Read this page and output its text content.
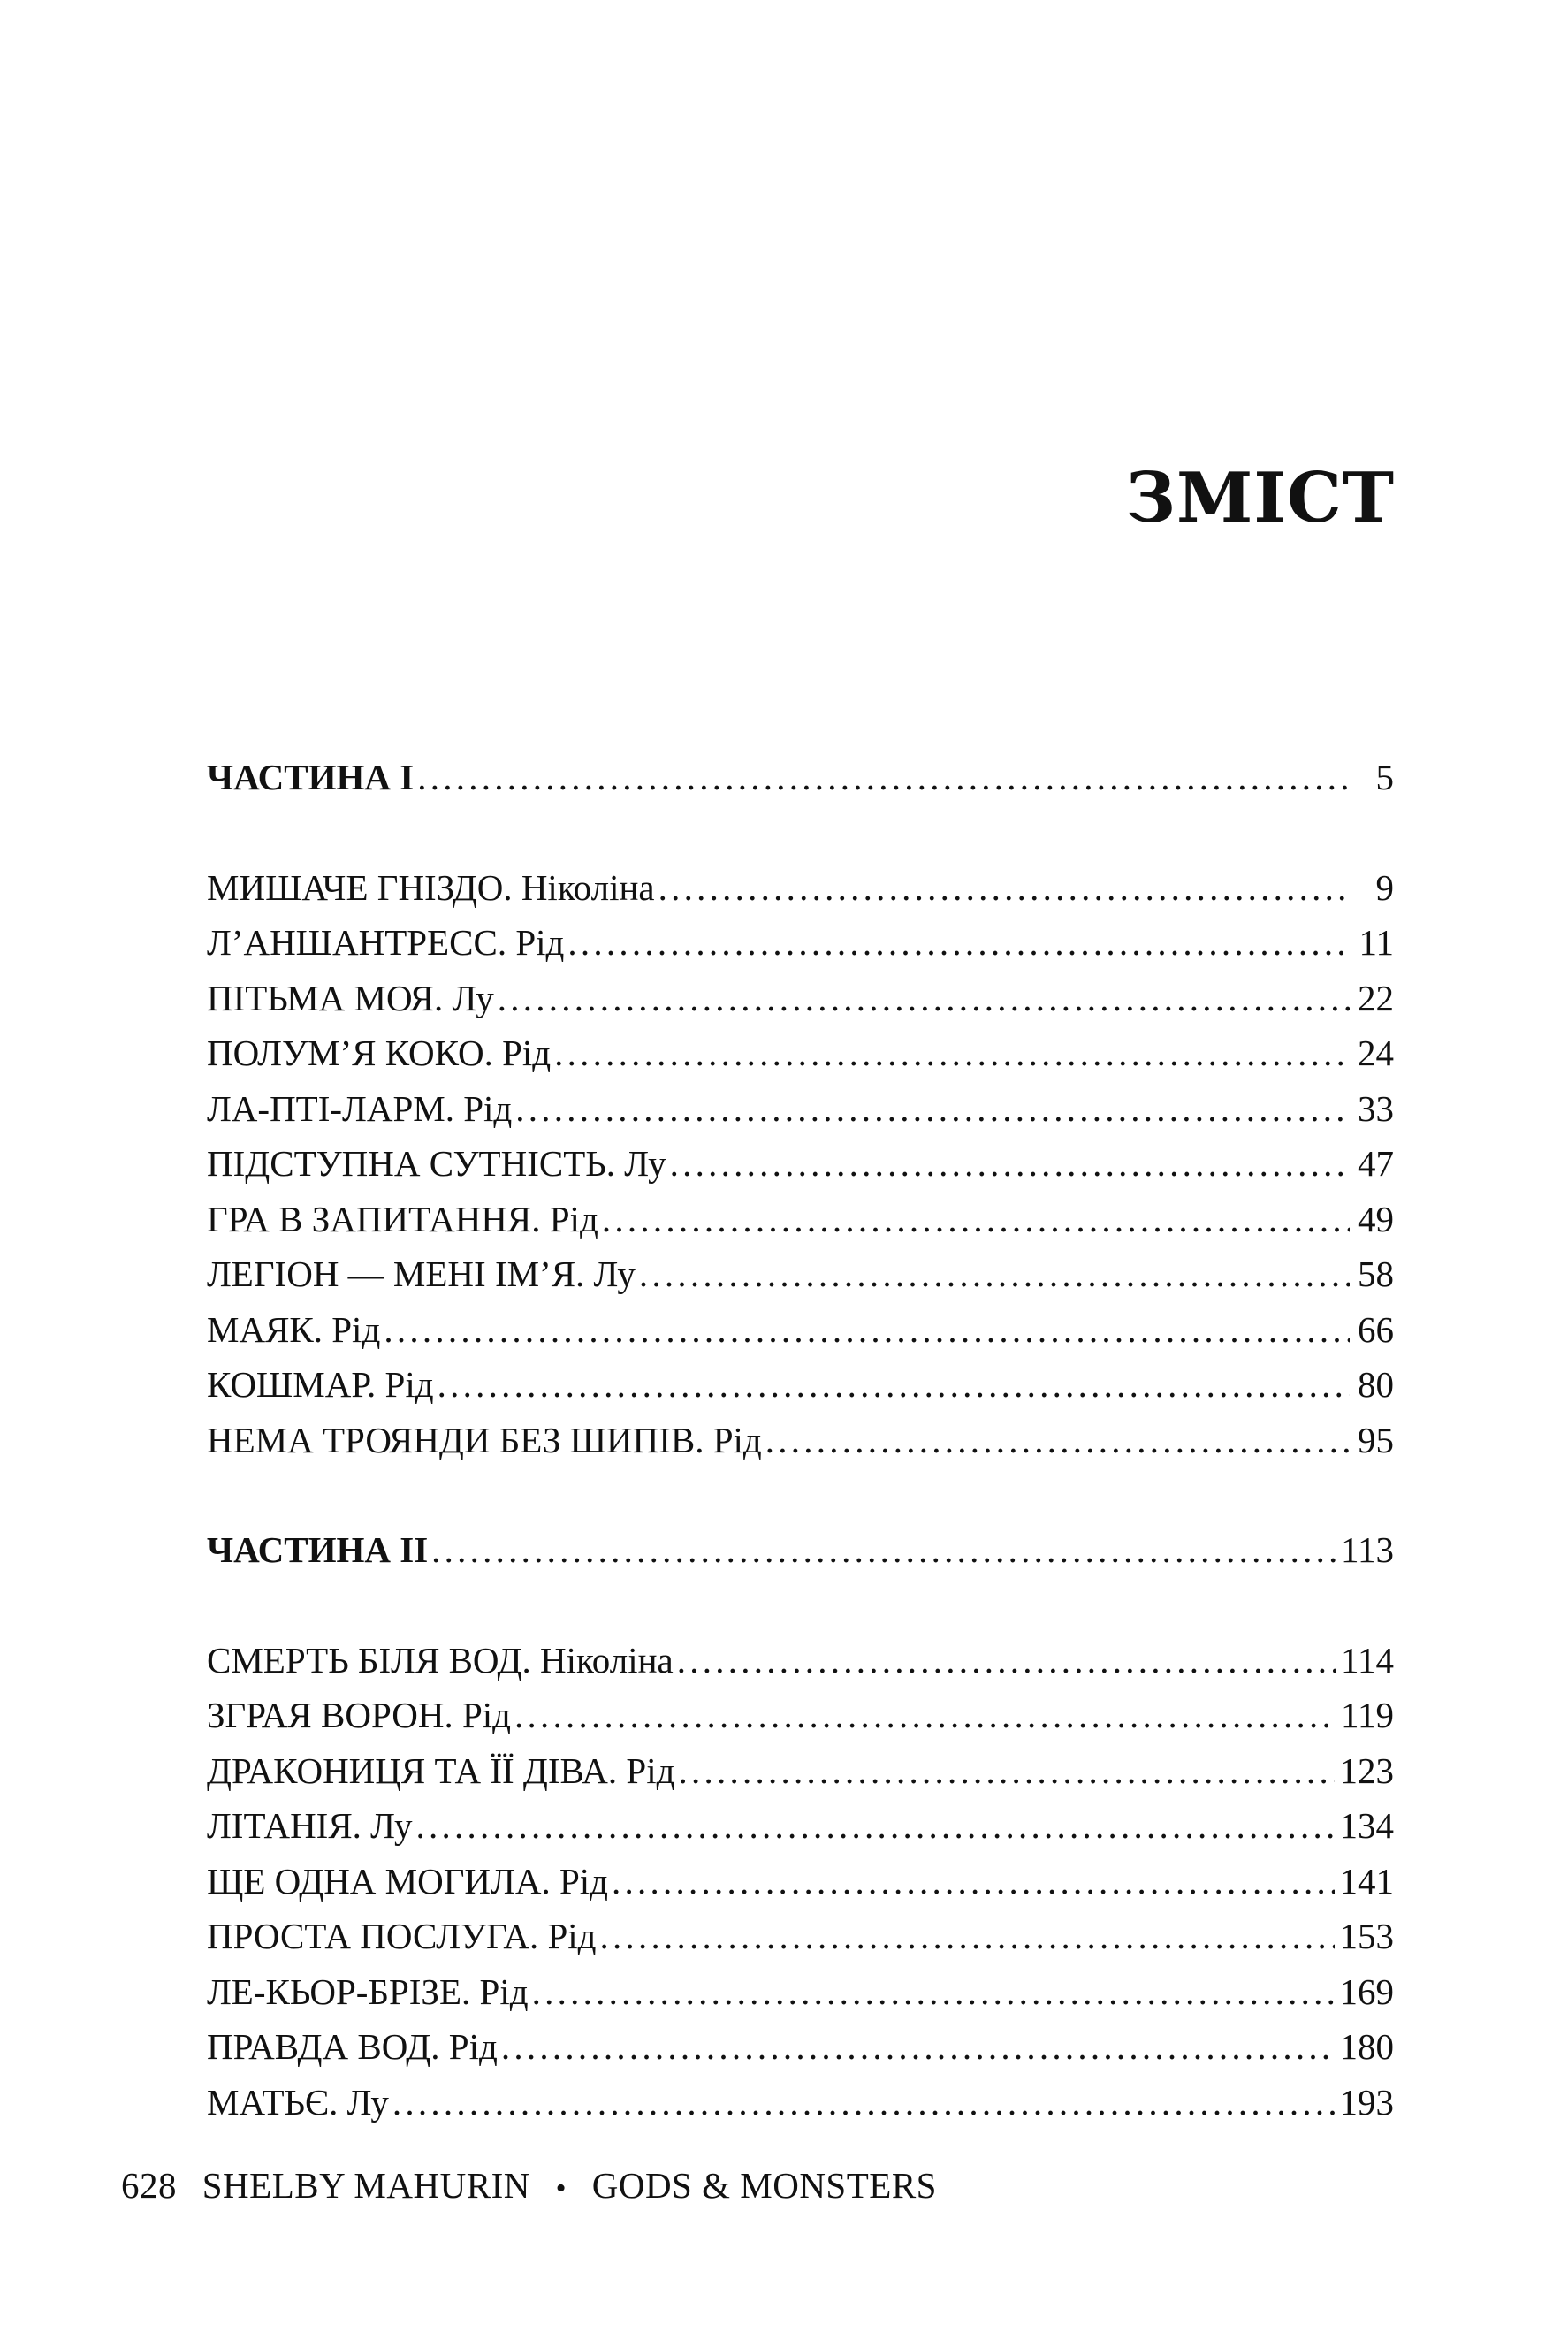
ЗМІСТ
ЧАСТИНА І . . .	5
МИШАЧЕ ГНІЗДО. Ніколіна . . .	9
Л’АНШАНТРЕСС. Рід . . .	11
ПІТЬМА МОЯ. Лу . . .	22
ПОЛУМ’Я КОКО. Рід . . .	24
ЛА-ПТІ-ЛАРМ. Рід . . .	33
ПІДСТУПНА СУТНІСТЬ. Лу . . .	47
ГРА В ЗАПИТАННЯ. Рід . . .	49
ЛЕГІОН — МЕНІ ІМ’Я. Лу . . .	58
МАЯК. Рід . . .	66
КОШМАР. Рід . . .	80
НЕМА ТРОЯНДИ БЕЗ ШИПІВ. Рід . . .	95
ЧАСТИНА ІІ . . .	113
СМЕРТЬ БІЛЯ ВОД. Ніколіна . . .	114
ЗГРАЯ ВОРОН. Рід . . .	119
ДРАКОНИЦЯ ТА ЇЇ ДІВА. Рід . . .	123
ЛІТАНІЯ. Лу . . .	134
ЩЕ ОДНА МОГИЛА. Рід . . .	141
ПРОСТА ПОСЛУГА. Рід . . .	153
ЛЕ-КЬОР-БРІЗЕ. Рід . . .	169
ПРАВДА ВОД. Рід . . .	180
МАТЬЄ. Лу . . .	193
628 SHELBY MAHURIN • GODS & MONSTERS
